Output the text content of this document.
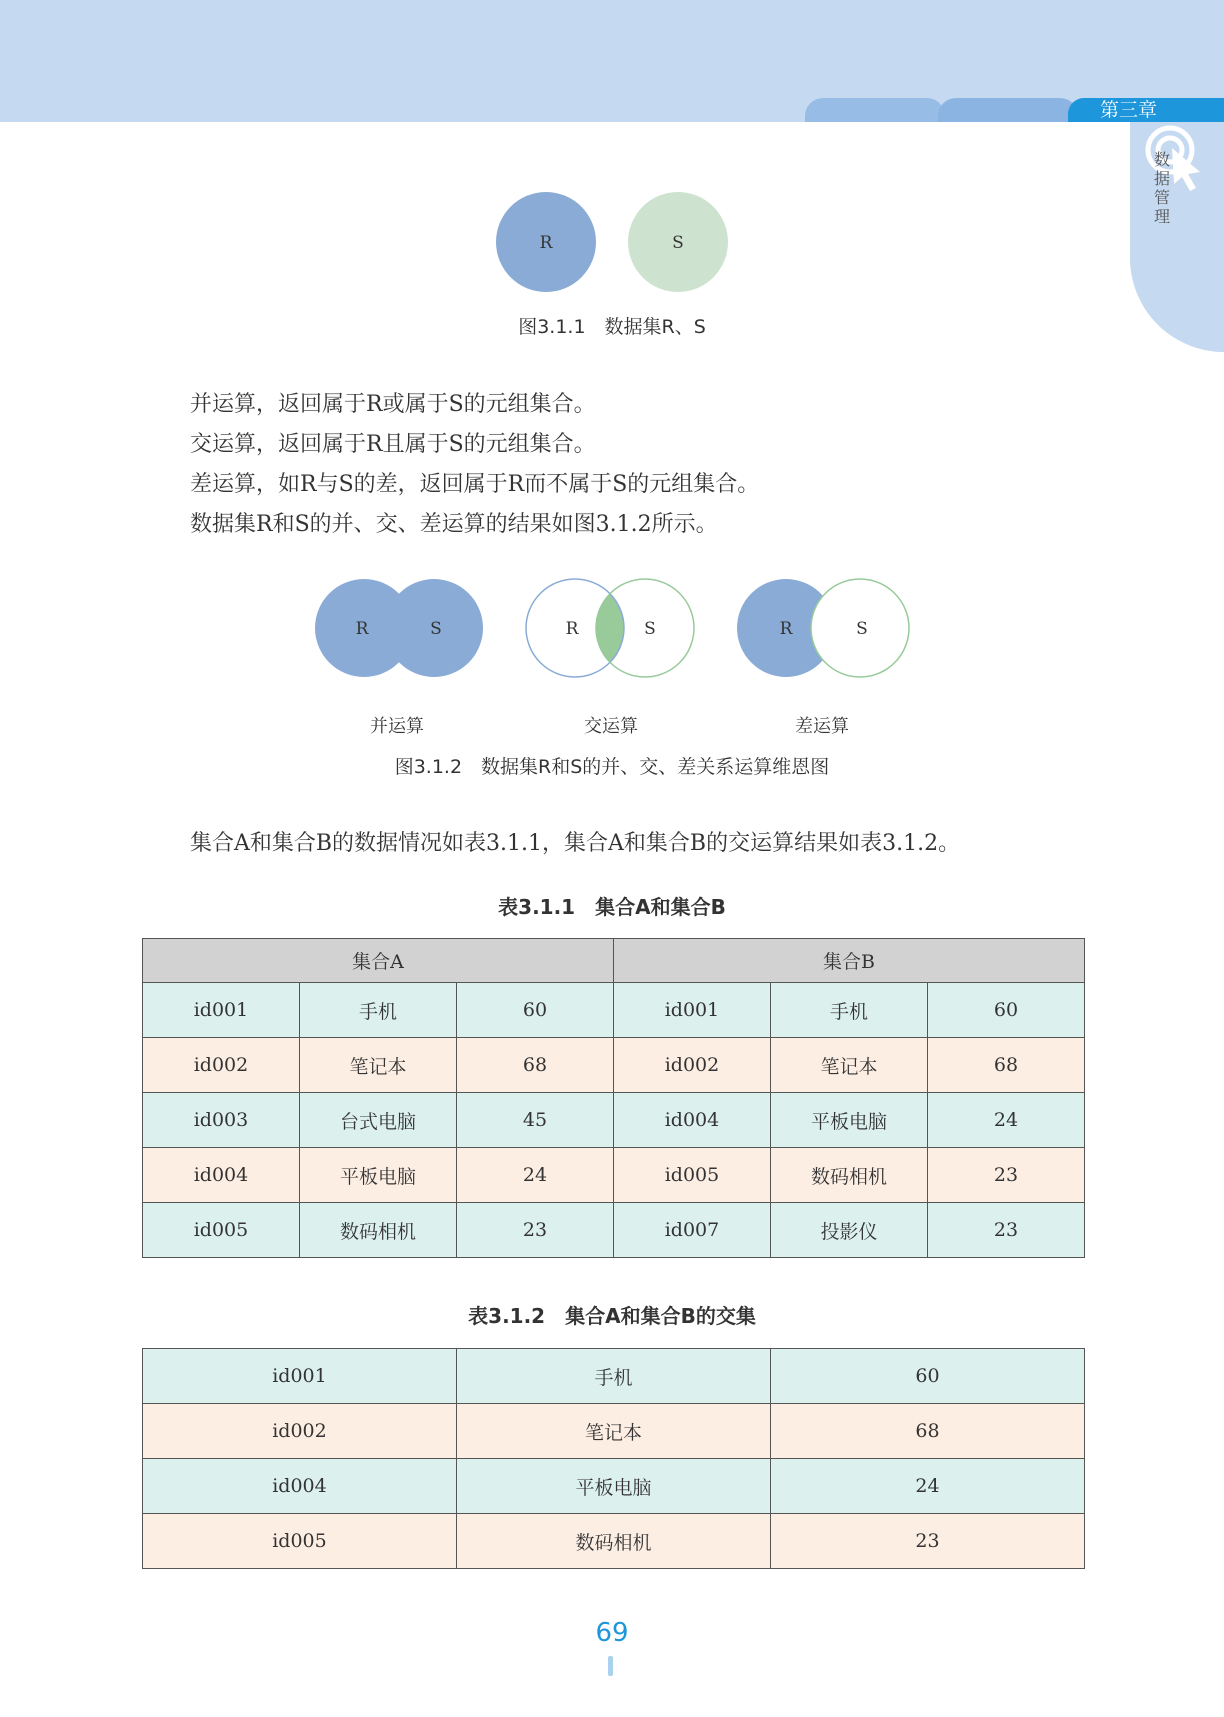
第三章
数据管理
R	S
图3.1.1　数据集R、S
并运算，返回属于R或属于S的元组集合。
交运算，返回属于R且属于S的元组集合。
差运算，如R与S的差，返回属于R而不属于S的元组集合。
数据集R和S的并、交、差运算的结果如图3.1.2所示。
R	S	R	S	R	S
并运算	交运算	差运算
图3.1.2　数据集R和S的并、交、差关系运算维恩图
集合A和集合B的数据情况如表3.1.1，集合A和集合B的交运算结果如表3.1.2。
表3.1.1　集合A和集合B
集合A			集合B		
id001	手机	60	id001	手机	60
id002	笔记本	68	id002	笔记本	68
id003	台式电脑	45	id004	平板电脑	24
id004	平板电脑	24	id005	数码相机	23
id005	数码相机	23	id007	投影仪	23
表3.1.2　集合A和集合B的交集
id001	手机	60
id002	笔记本	68
id004	平板电脑	24
id005	数码相机	23
69
